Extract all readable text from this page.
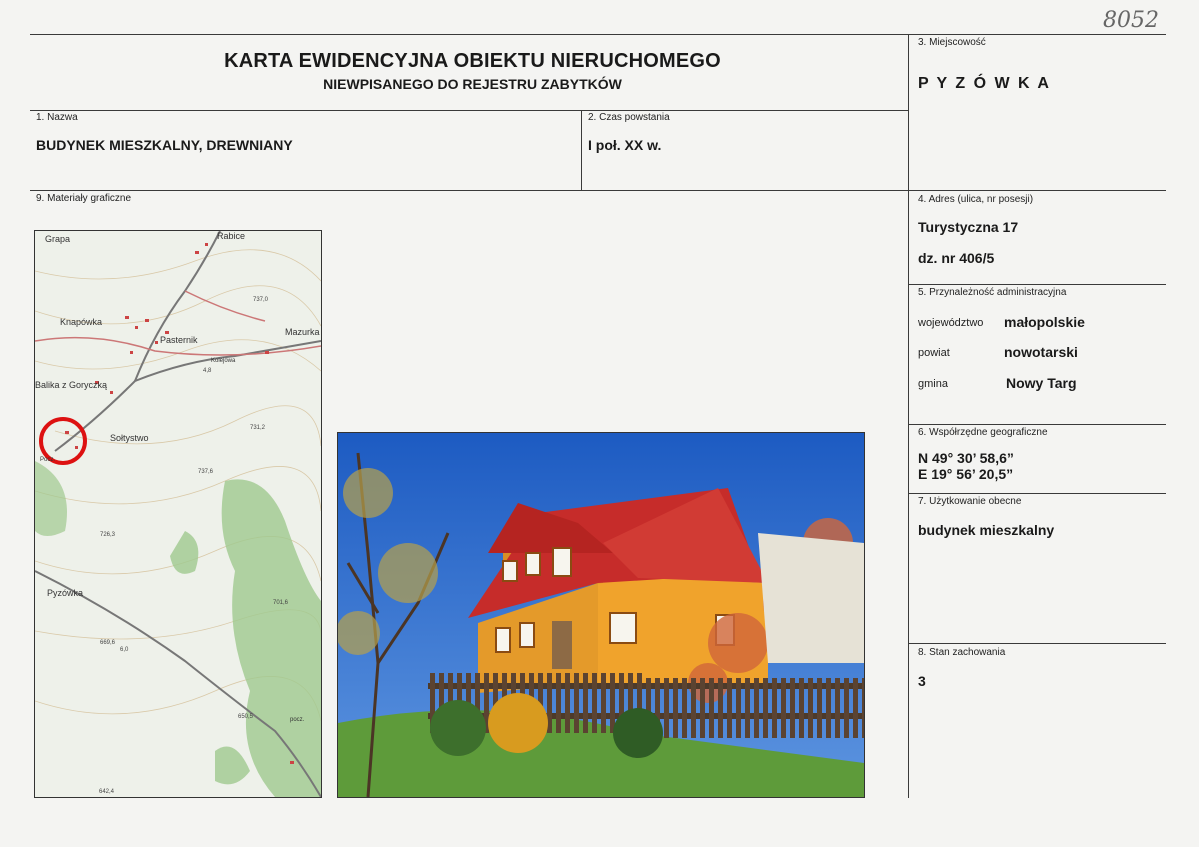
8052
KARTA EWIDENCYJNA OBIEKTU NIERUCHOMEGO
NIEWPISANEGO DO REJESTRU ZABYTKÓW
3. Miejscowość
P Y Z Ó W K A
1. Nazwa
BUDYNEK MIESZKALNY, DREWNIANY
2. Czas powstania
I poł. XX w.
9. Materiały graficzne	4. Adres (ulica, nr posesji)
Turystyczna 17
dz. nr 406/5
5. Przynależność administracyjna
województwo małopolskie
powiat	nowotarski
gmina	Nowy Targ
6. Współrzędne geograficzne
N 49° 30’ 58,6”
E 19° 56’ 20,5”
7. Użytkowanie obecne
budynek mieszkalny
8. Stan zachowania
3
Grapa	Rabice
Knapówka
Pasternik
Mazurka
Kolejowa
Balika z Goryczką
Sołtystwo
Pyzówka
Pocz.
pocz.
737,0
4,8
731,2
737,6
726,3
701,6
669,6
6,0
650,5
642,4
